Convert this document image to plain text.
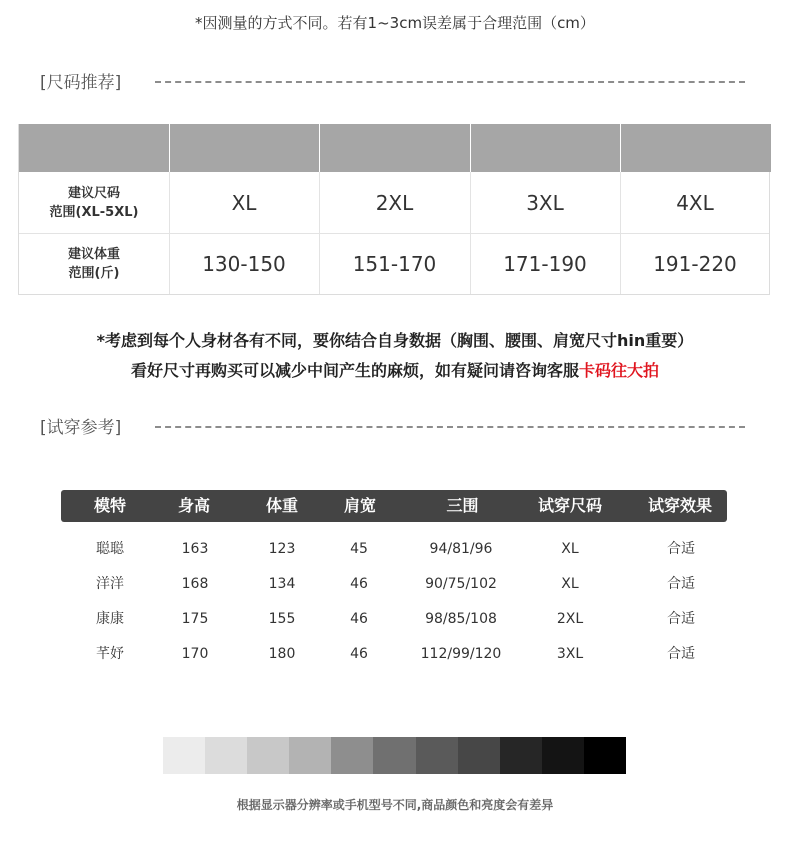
*因测量的方式不同。若有1~3cm误差属于合理范围（cm）
[尺码推荐]
建议尺码
范围(XL-5XL)	XL	2XL	3XL	4XL
建议体重
范围(斤)	130-150	151-170	171-190	191-220
*考虑到每个人身材各有不同，要你结合自身数据（胸围、腰围、肩宽尺寸hin重要）
看好尺寸再购买可以减少中间产生的麻烦，如有疑问请咨询客服卡码往大拍
[试穿参考]
模特	身高	体重	肩宽	三围	试穿尺码	试穿效果
聪聪	163	123	45	94/81/96	XL	合适
洋洋	168	134	46	90/75/102	XL	合适
康康	175	155	46	98/85/108	2XL	合适
芊妤	170	180	46	112/99/120	3XL	合适
根据显示器分辨率或手机型号不同,商品颜色和亮度会有差异
